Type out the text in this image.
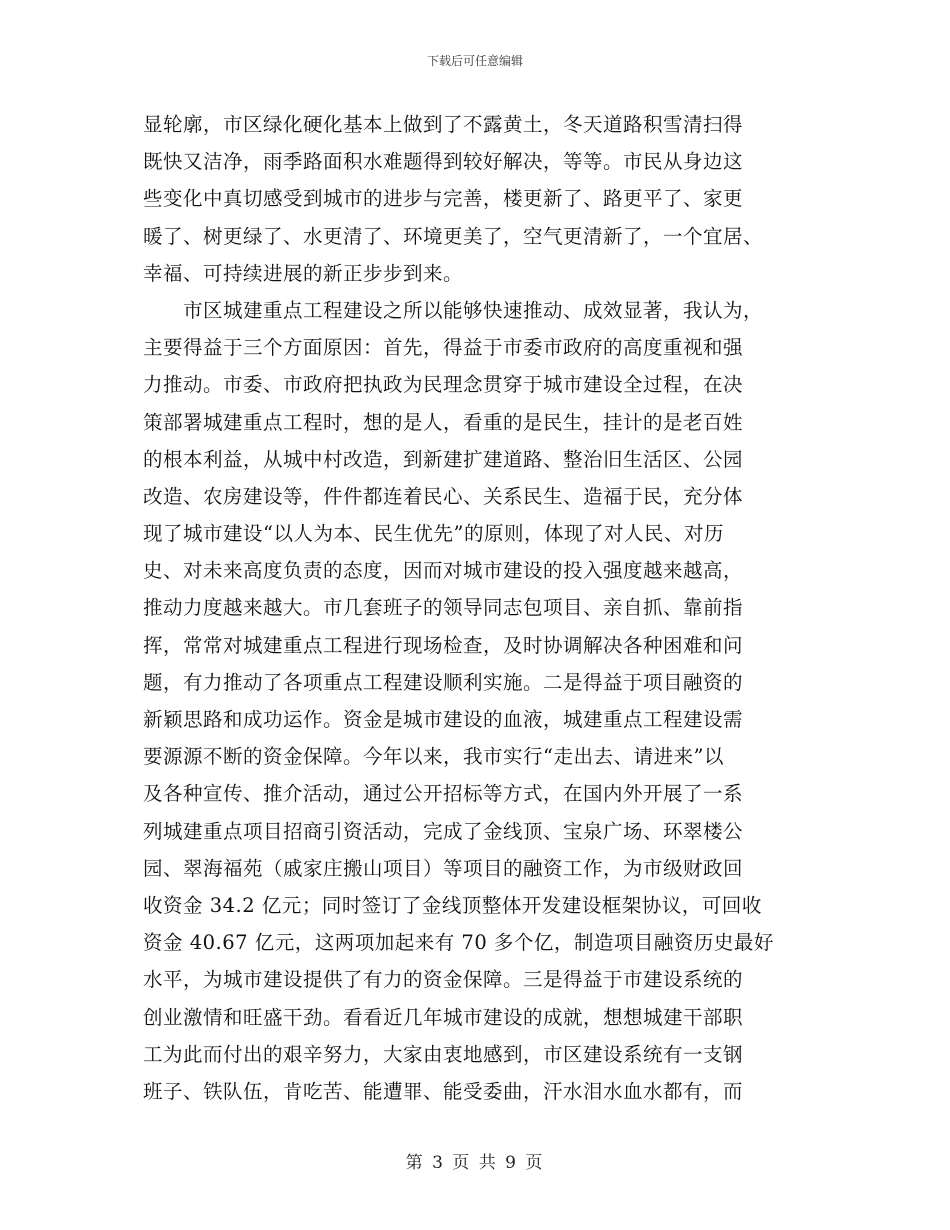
下载后可任意编辑
显轮廓，市区绿化硬化基本上做到了不露黄土，冬天道路积雪清扫得
既快又洁净，雨季路面积水难题得到较好解决，等等。市民从身边这
些变化中真切感受到城市的进步与完善，楼更新了、路更平了、家更
暖了、树更绿了、水更清了、环境更美了，空气更清新了，一个宜居、
幸福、可持续进展的新正步步到来。
市区城建重点工程建设之所以能够快速推动、成效显著，我认为，
主要得益于三个方面原因：首先，得益于市委市政府的高度重视和强
力推动。市委、市政府把执政为民理念贯穿于城市建设全过程，在决
策部署城建重点工程时，想的是人，看重的是民生，挂计的是老百姓
的根本利益，从城中村改造，到新建扩建道路、整治旧生活区、公园
改造、农房建设等，件件都连着民心、关系民生、造福于民，充分体
现了城市建设“以人为本、民生优先”的原则，体现了对人民、对历
史、对未来高度负责的态度，因而对城市建设的投入强度越来越高，
推动力度越来越大。市几套班子的领导同志包项目、亲自抓、靠前指
挥，常常对城建重点工程进行现场检查，及时协调解决各种困难和问
题，有力推动了各项重点工程建设顺利实施。二是得益于项目融资的
新颖思路和成功运作。资金是城市建设的血液，城建重点工程建设需
要源源不断的资金保障。今年以来，我市实行“走出去、请进来”以
及各种宣传、推介活动，通过公开招标等方式，在国内外开展了一系
列城建重点项目招商引资活动，完成了金线顶、宝泉广场、环翠楼公
园、翠海福苑（戚家庄搬山项目）等项目的融资工作，为市级财政回
收资金 34.2 亿元；同时签订了金线顶整体开发建设框架协议，可回收
资金 40.67 亿元，这两项加起来有 70 多个亿，制造项目融资历史最好
水平，为城市建设提供了有力的资金保障。三是得益于市建设系统的
创业激情和旺盛干劲。看看近几年城市建设的成就，想想城建干部职
工为此而付出的艰辛努力，大家由衷地感到，市区建设系统有一支钢
班子、铁队伍，肯吃苦、能遭罪、能受委曲，汗水泪水血水都有，而
第 3 页 共 9 页
